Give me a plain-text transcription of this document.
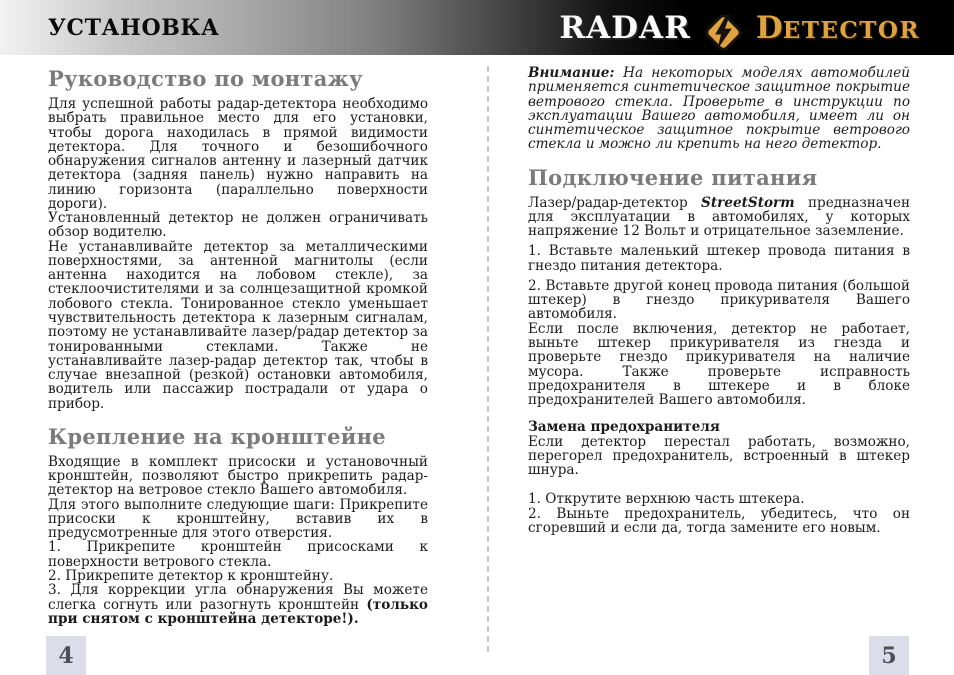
УСТАНОВКА	RADAR DETECTOR
Руководство по монтажу

Для успешной работы радар-детектора необходимо выбрать правильное место для его установки, чтобы дорога находилась в прямой видимости детектора. Для точного и безошибочного обнаружения сигналов антенну и лазерный датчик детектора (задняя панель) нужно направить на линию горизонта (параллельно поверхности дороги).

Установленный детектор не должен ограничивать обзор водителю.

Не устанавливайте детектор за металлическими поверхностями, за антенной магнитолы (если антенна находится на лобовом стекле), за стеклоочистителями и за солнцезащитной кромкой лобового стекла. Тонированное стекло уменьшает чувствительность детектора к лазерным сигналам, поэтому не устанавливайте лазер/радар детектор за тонированными стеклами. Также не устанавливайте лазер-радар детектор так, чтобы в случае внезапной (резкой) остановки автомобиля, водитель или пассажир пострадали от удара о прибор.

Крепление на кронштейне

Входящие в комплект присоски и установочный кронштейн, позволяют быстро прикрепить радар-детектор на ветровое стекло Вашего автомобиля.

Для этого выполните следующие шаги: Прикрепите присоски к кронштейну, вставив их в предусмотренные для этого отверстия.

1. Прикрепите кронштейн присосками к поверхности ветрового стекла.

2. Прикрепите детектор к кронштейну.

3. Для коррекции угла обнаружения Вы можете слегка согнуть или разогнуть кронштейн (только при снятом с кронштейна детекторе!).

Внимание: На некоторых моделях автомобилей применяется синтетическое защитное покрытие ветрового стекла. Проверьте в инструкции по эксплуатации Вашего автомобиля, имеет ли он синтетическое защитное покрытие ветрового стекла и можно ли крепить на него детектор.

Подключение питания

Лазер/радар-детектор StreetStorm предназначен для эксплуатации в автомобилях, у которых напряжение 12 Вольт и отрицательное заземление.

1. Вставьте маленький штекер провода питания в гнездо питания детектора.

2. Вставьте другой конец провода питания (большой штекер) в гнездо прикуривателя Вашего автомобиля.

Если после включения, детектор не работает, выньте штекер прикуривателя из гнезда и проверьте гнездо прикуривателя на наличие мусора. Также проверьте исправность предохранителя в штекере и в блоке предохранителей Вашего автомобиля.

Замена предохранителя

Если детектор перестал работать, возможно, перегорел предохранитель, встроенный в штекер шнура.

1. Открутите верхнюю часть штекера.

2. Выньте предохранитель, убедитесь, что он сгоревший и если да, тогда замените его новым.

4	5
